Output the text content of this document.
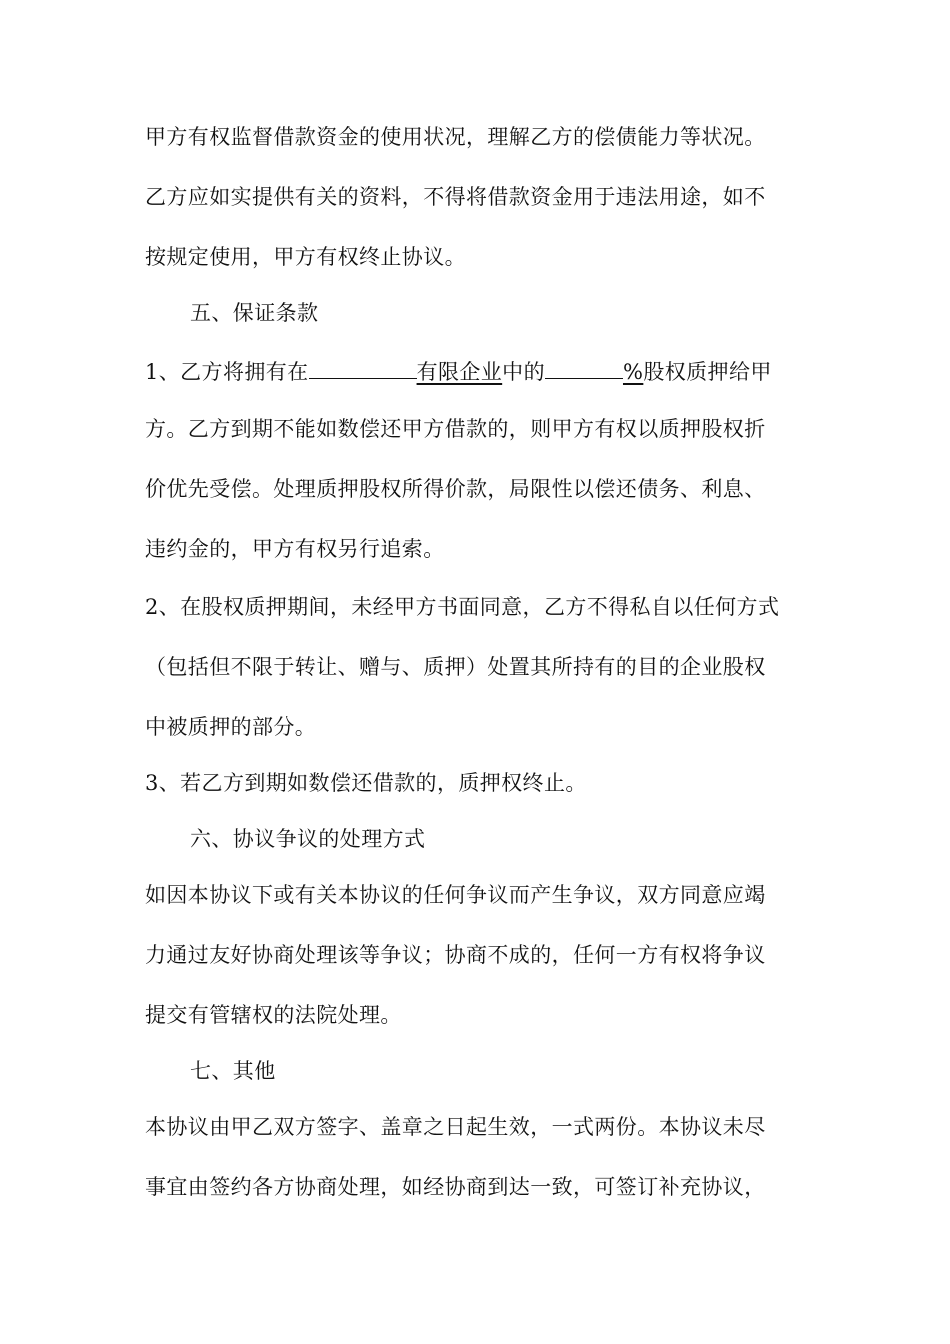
甲方有权监督借款资金的使用状况，理解乙方的偿债能力等状况。
乙方应如实提供有关的资料，不得将借款资金用于违法用途，如不
按规定使用，甲方有权终止协议。
五、保证条款
1、乙方将拥有在	有限企业中的	%股权质押给甲
方。乙方到期不能如数偿还甲方借款的，则甲方有权以质押股权折
价优先受偿。处理质押股权所得价款，局限性以偿还债务、利息、
违约金的，甲方有权另行追索。
2、在股权质押期间，未经甲方书面同意，乙方不得私自以任何方式
（包括但不限于转让、赠与、质押）处置其所持有的目的企业股权
中被质押的部分。
3、若乙方到期如数偿还借款的，质押权终止。
六、协议争议的处理方式
如因本协议下或有关本协议的任何争议而产生争议，双方同意应竭
力通过友好协商处理该等争议；协商不成的，任何一方有权将争议
提交有管辖权的法院处理。
七、其他
本协议由甲乙双方签字、盖章之日起生效，一式两份。本协议未尽
事宜由签约各方协商处理，如经协商到达一致，可签订补充协议，
